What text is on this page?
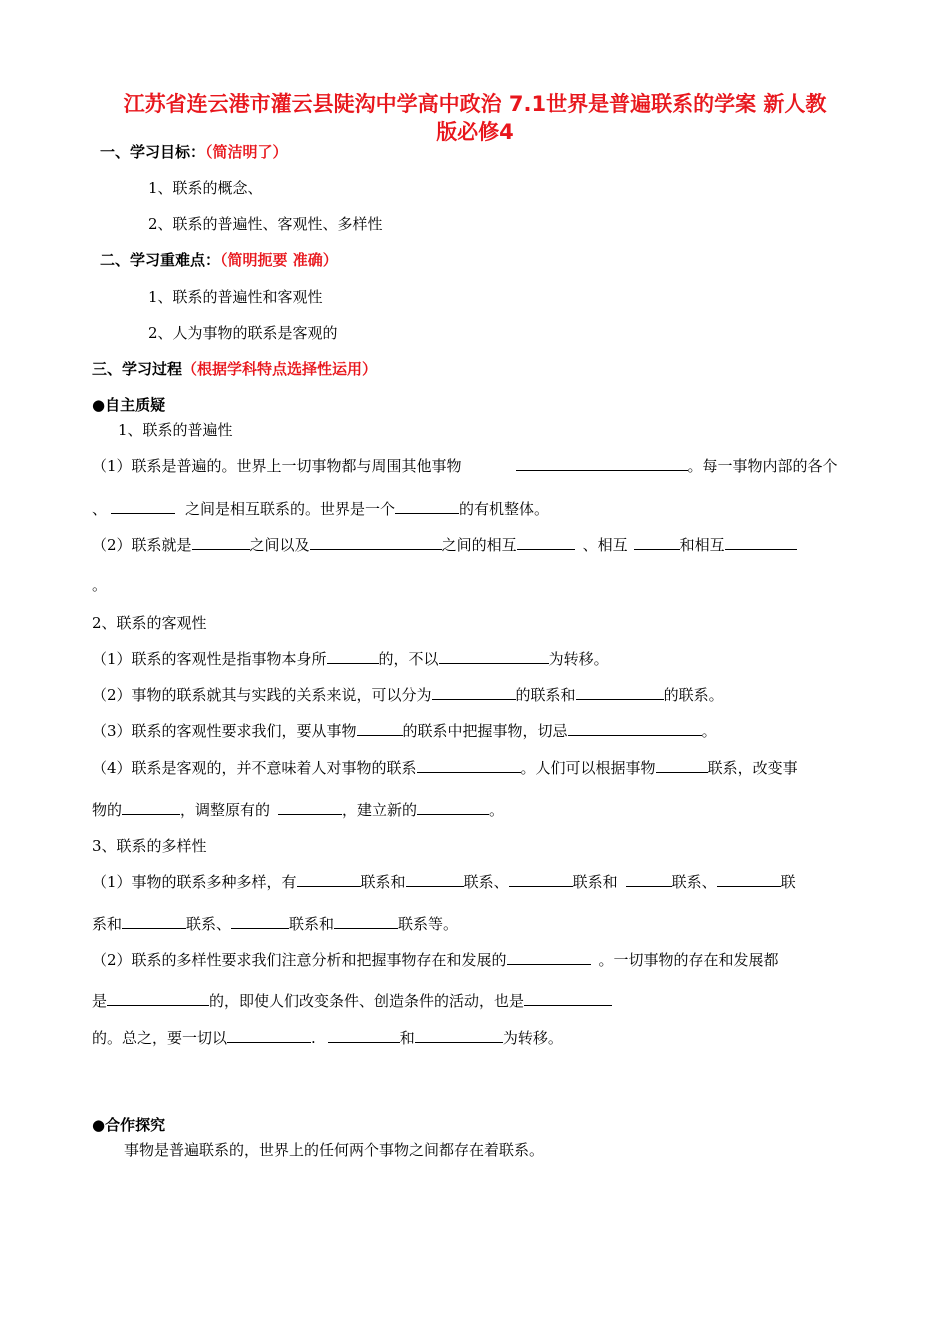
江苏省连云港市灌云县陡沟中学高中政治 7.1世界是普遍联系的学案 新人教
版必修4
一、学习目标：（简洁明了）
1、联系的概念、
2、联系的普遍性、客观性、多样性
二、学习重难点：（简明扼要 准确）
1、联系的普遍性和客观性
2、人为事物的联系是客观的
三、学习过程（根据学科特点选择性运用）
●自主质疑
1、联系的普遍性
（1）联系是普遍的。世界上一切事物都与周围其他事物	。每一事物内部的各个
、	之间是相互联系的。世界是一个	的有机整体。
（2）联系就是	之间以及	之间的相互	、相互	和相互
。
2、联系的客观性
（1）联系的客观性是指事物本身所	的，不以	为转移。
（2）事物的联系就其与实践的关系来说，可以分为	的联系和	的联系。
（3）联系的客观性要求我们，要从事物	的联系中把握事物，切忌	。
（4）联系是客观的，并不意味着人对事物的联系	。人们可以根据事物	联系，改变事
物的	，调整原有的	，建立新的	。
3、联系的多样性
（1）事物的联系多种多样，有	联系和	联系、	联系和	联系、	联
系和	联系、	联系和	联系等。
（2）联系的多样性要求我们注意分析和把握事物存在和发展的	。一切事物的存在和发展都
是	的，即使人们改变条件、创造条件的活动，也是
的。总之，要一切以	.	和	为转移。
●合作探究
事物是普遍联系的，世界上的任何两个事物之间都存在着联系。
